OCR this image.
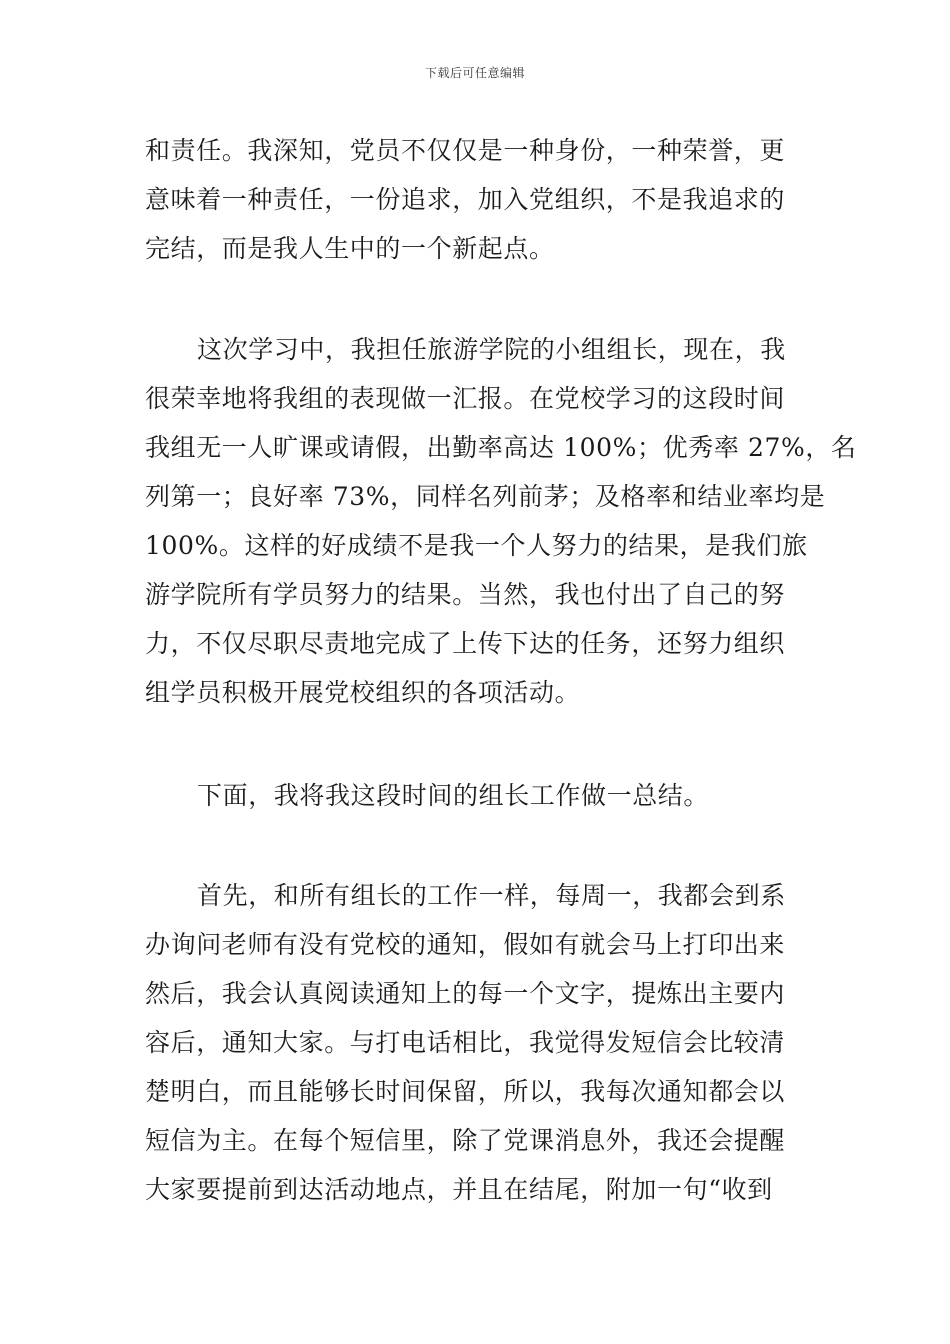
下载后可任意编辑
和责任。我深知，党员不仅仅是一种身份，一种荣誉，更
意味着一种责任，一份追求，加入党组织，不是我追求的
完结，而是我人生中的一个新起点。
这次学习中，我担任旅游学院的小组组长，现在，我
很荣幸地将我组的表现做一汇报。在党校学习的这段时间
我组无一人旷课或请假，出勤率高达 100%；优秀率 27%，名
列第一；良好率 73%，同样名列前茅；及格率和结业率均是
100%。这样的好成绩不是我一个人努力的结果，是我们旅
游学院所有学员努力的结果。当然，我也付出了自己的努
力，不仅尽职尽责地完成了上传下达的任务，还努力组织
组学员积极开展党校组织的各项活动。
下面，我将我这段时间的组长工作做一总结。
首先，和所有组长的工作一样，每周一，我都会到系
办询问老师有没有党校的通知，假如有就会马上打印出来
然后，我会认真阅读通知上的每一个文字，提炼出主要内
容后，通知大家。与打电话相比，我觉得发短信会比较清
楚明白，而且能够长时间保留，所以，我每次通知都会以
短信为主。在每个短信里，除了党课消息外，我还会提醒
大家要提前到达活动地点，并且在结尾，附加一句“收到
